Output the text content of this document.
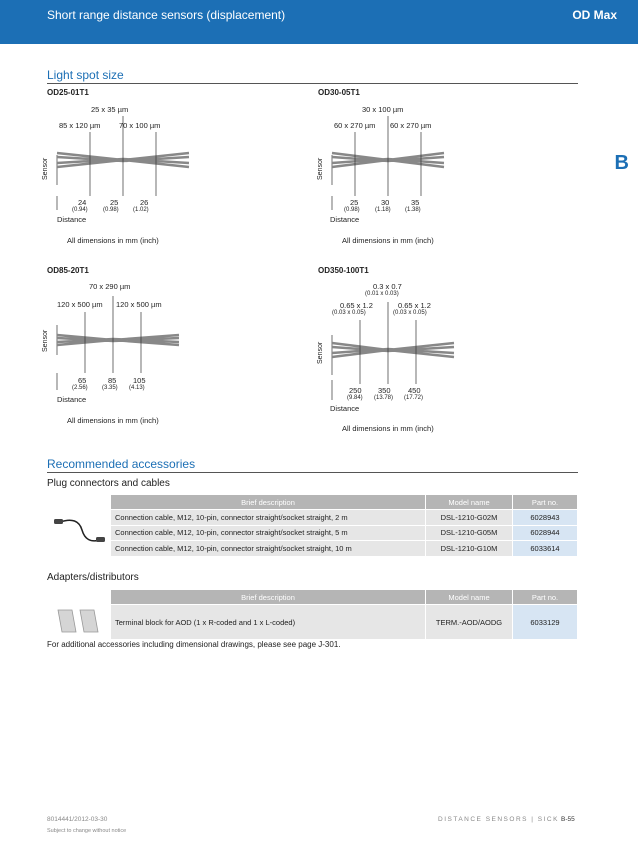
Short range distance sensors (displacement)	OD Max
B
Light spot size
OD25-01T1
25 x 35 µm
85 x 120 µm 70 x 100 µm
Sensor
24	25	26
(0.94)	(0.98) (1.02)
Distance
All dimensions in mm (inch)
OD30-05T1
30 x 100 µm
60 x 270 µm 60 x 270 µm
Sensor
25	30	35
(0.98)	(1.18) (1.38)
Distance
All dimensions in mm (inch)
OD85-20T1
70 x 290 µm
120 x 500 µm 120 x 500 µm
Sensor
65	85 105
(2.56) (3.35) (4.13)
Distance
All dimensions in mm (inch)
OD350-100T1
0.3 x 0.7
(0.01 x 0.03)
0.65 x 1.2
(0.03 x 0.05)
0.65 x 1.2
(0.03 x 0.05)
Sensor
250 350 450
(9.84) (13.78) (17.72)
Distance
All dimensions in mm (inch)
Recommended accessories
Plug connectors and cables
	Brief description	Model name	Part no.
	Connection cable, M12, 10-pin, connector straight/socket straight, 2 m	DSL-1210-G02M	6028943
	Connection cable, M12, 10-pin, connector straight/socket straight, 5 m	DSL-1210-G05M	6028944
	Connection cable, M12, 10-pin, connector straight/socket straight, 10 m	DSL-1210-G10M	6033614
Adapters/distributors
	Brief description	Model name	Part no.
	Terminal block for AOD (1 x R-coded and 1 x L-coded)	TERM.-AOD/AODG	6033129
For additional accessories including dimensional drawings, please see page J-301.
8014441/2012-03-30
Subject to change without notice
DISTANCE SENSORS | SICK B-55
